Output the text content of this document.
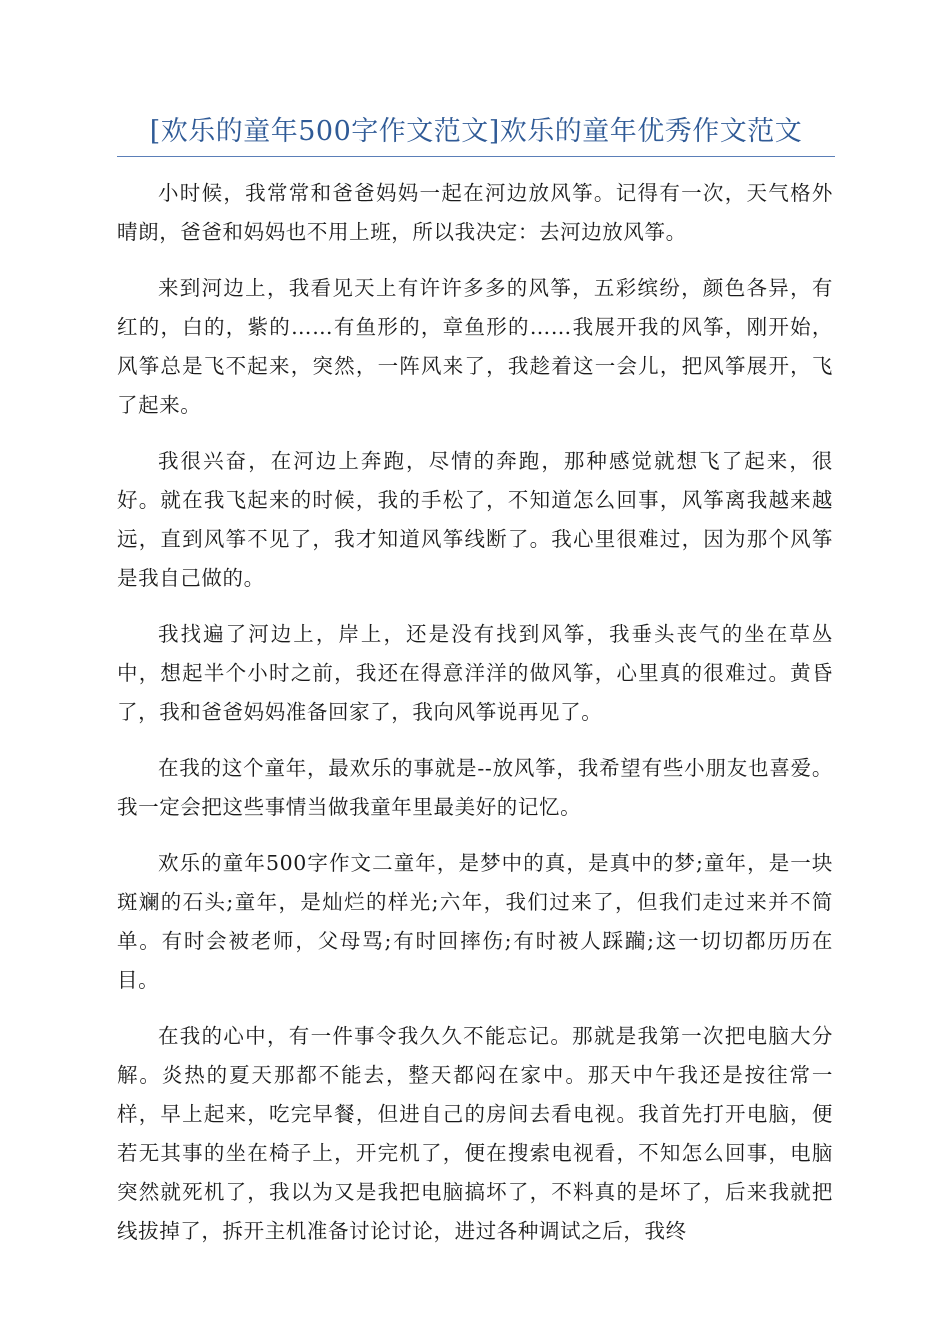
[欢乐的童年500字作文范文]欢乐的童年优秀作文范文

小时候，我常常和爸爸妈妈一起在河边放风筝。记得有一次，天气格外晴朗，爸爸和妈妈也不用上班，所以我决定：去河边放风筝。

来到河边上，我看见天上有许许多多的风筝，五彩缤纷，颜色各异，有红的，白的，紫的……有鱼形的，章鱼形的……我展开我的风筝，刚开始，风筝总是飞不起来，突然，一阵风来了，我趁着这一会儿，把风筝展开，飞了起来。

我很兴奋，在河边上奔跑，尽情的奔跑，那种感觉就想飞了起来，很好。就在我飞起来的时候，我的手松了，不知道怎么回事，风筝离我越来越远，直到风筝不见了，我才知道风筝线断了。我心里很难过，因为那个风筝是我自己做的。

我找遍了河边上，岸上，还是没有找到风筝，我垂头丧气的坐在草丛中，想起半个小时之前，我还在得意洋洋的做风筝，心里真的很难过。黄昏了，我和爸爸妈妈准备回家了，我向风筝说再见了。

在我的这个童年，最欢乐的事就是--放风筝，我希望有些小朋友也喜爱。我一定会把这些事情当做我童年里最美好的记忆。

欢乐的童年500字作文二童年，是梦中的真，是真中的梦;童年，是一块斑斓的石头;童年，是灿烂的样光;六年，我们过来了，但我们走过来并不简单。有时会被老师，父母骂;有时回摔伤;有时被人踩躏;这一切切都历历在目。

在我的心中，有一件事令我久久不能忘记。那就是我第一次把电脑大分解。炎热的夏天那都不能去，整天都闷在家中。那天中午我还是按往常一样，早上起来，吃完早餐，但进自己的房间去看电视。我首先打开电脑，便若无其事的坐在椅子上，开完机了，便在搜索电视看，不知怎么回事，电脑突然就死机了，我以为又是我把电脑搞坏了，不料真的是坏了，后来我就把线拔掉了，拆开主机准备讨论讨论，进过各种调试之后，我终
